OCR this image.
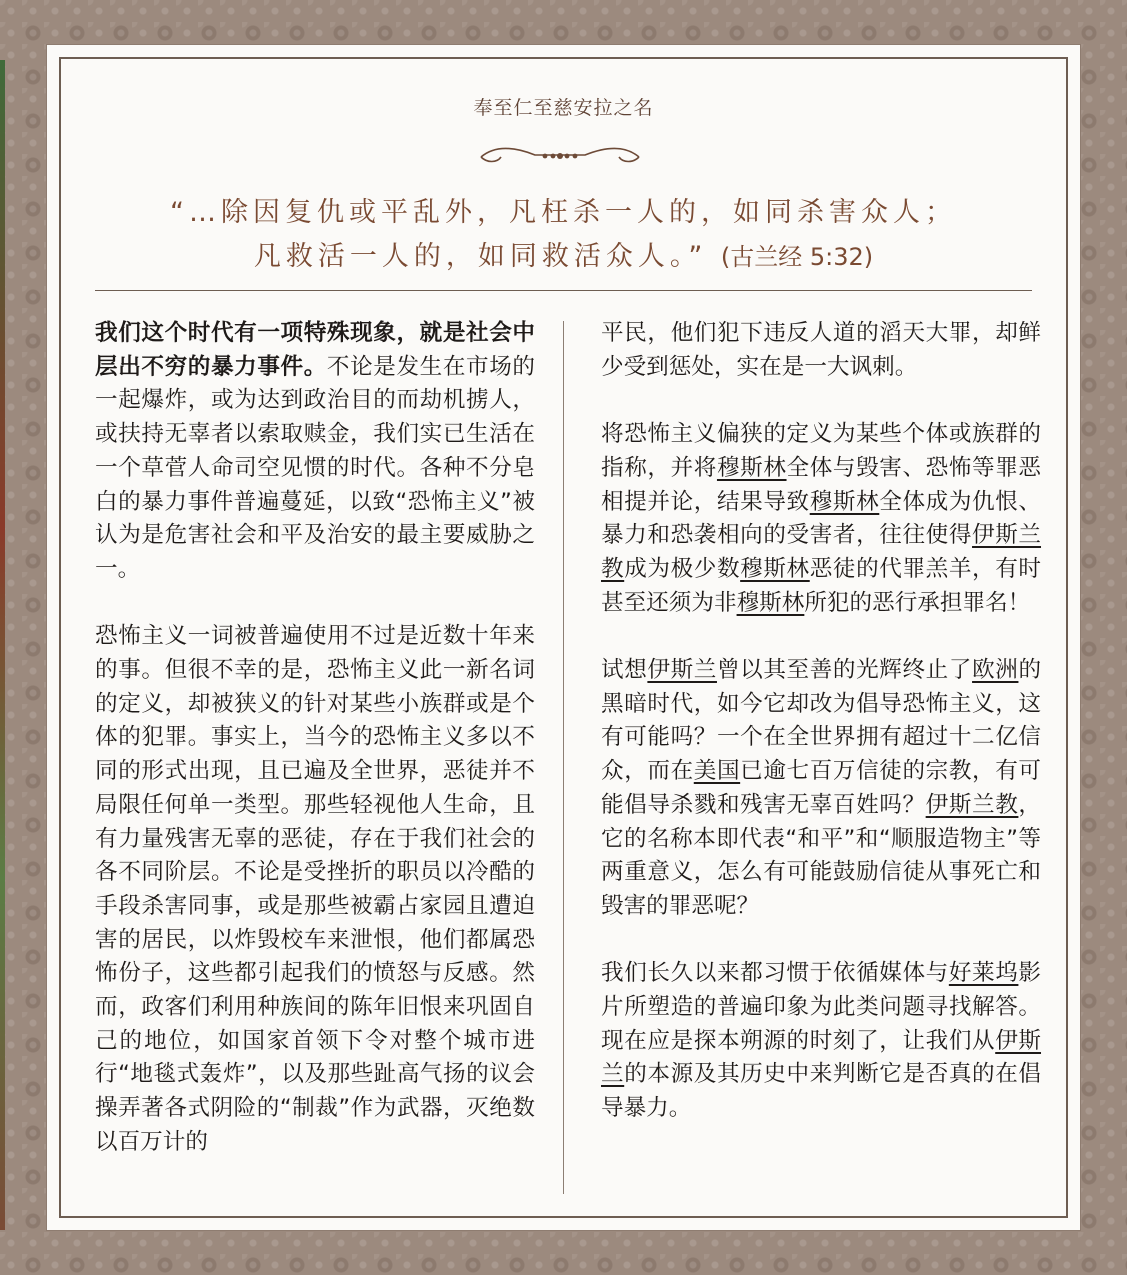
奉至仁至慈安拉之名
“…除因复仇或平乱外，凡枉杀一人的，如同杀害众人；
凡救活一人的，如同救活众人。” (古兰经 5:32)

我们这个时代有一项特殊现象，就是社会中层出不穷的暴力事件。不论是发生在市场的一起爆炸，或为达到政治目的而劫机掳人，或扶持无辜者以索取赎金，我们实已生活在一个草菅人命司空见惯的时代。各种不分皂白的暴力事件普遍蔓延，以致“恐怖主义”被认为是危害社会和平及治安的最主要威胁之一。

恐怖主义一词被普遍使用不过是近数十年来的事。但很不幸的是，恐怖主义此一新名词的定义，却被狭义的针对某些小族群或是个体的犯罪。事实上，当今的恐怖主义多以不同的形式出现，且已遍及全世界，恶徒并不局限任何单一类型。那些轻视他人生命，且有力量残害无辜的恶徒，存在于我们社会的各不同阶层。不论是受挫折的职员以冷酷的手段杀害同事，或是那些被霸占家园且遭迫害的居民，以炸毁校车来泄恨，他们都属恐怖份子，这些都引起我们的愤怒与反感。然而，政客们利用种族间的陈年旧恨来巩固自己的地位，如国家首领下令对整个城市进行“地毯式轰炸”，以及那些趾高气扬的议会操弄著各式阴险的“制裁”作为武器，灭绝数以百万计的

平民，他们犯下违反人道的滔天大罪，却鲜少受到惩处，实在是一大讽刺。

将恐怖主义偏狭的定义为某些个体或族群的指称，并将穆斯林全体与毁害、恐怖等罪恶相提并论，结果导致穆斯林全体成为仇恨、暴力和恐袭相向的受害者，往往使得伊斯兰教成为极少数穆斯林恶徒的代罪羔羊，有时甚至还须为非穆斯林所犯的恶行承担罪名！

试想伊斯兰曾以其至善的光辉终止了欧洲的黑暗时代，如今它却改为倡导恐怖主义，这有可能吗？一个在全世界拥有超过十二亿信众，而在美国已逾七百万信徒的宗教，有可能倡导杀戮和残害无辜百姓吗？伊斯兰教，它的名称本即代表“和平”和“顺服造物主”等两重意义，怎么有可能鼓励信徒从事死亡和毁害的罪恶呢？

我们长久以来都习惯于依循媒体与好莱坞影片所塑造的普遍印象为此类问题寻找解答。现在应是探本朔源的时刻了，让我们从伊斯兰的本源及其历史中来判断它是否真的在倡导暴力。
